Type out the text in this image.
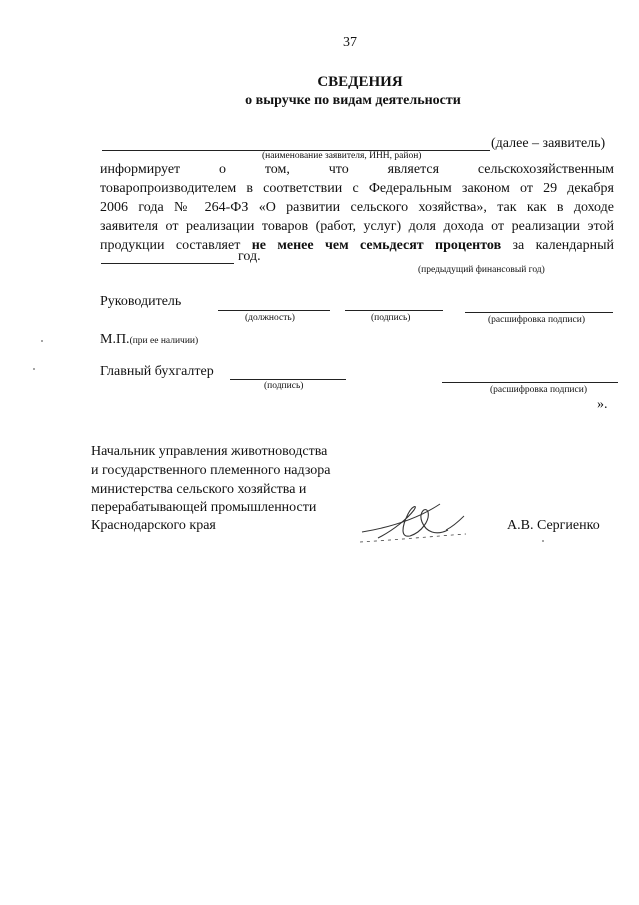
37
СВЕДЕНИЯ
о выручке по видам деятельности
(далее – заявитель)
(наименование заявителя, ИНН, район)
информирует	о	том,	что	является	сельскохозяйственным
товаропроизводителем в соответствии с Федеральным законом от 29 декабря
2006 года № 264-ФЗ «О развитии сельского хозяйства», так как в доходе
заявителя от реализации товаров (работ, услуг) доля дохода от реализации этой
продукции составляет не менее чем семьдесят процентов за календарный
год.
(предыдущий финансовый год)
Руководитель
(должность)	(подпись)	(расшифровка подписи)
М.П.(при ее наличии)
Главный бухгалтер
(подпись)	(расшифровка подписи)
».
Начальник управления животноводства
и государственного племенного надзора
министерства сельского хозяйства и
перерабатывающей промышленности
Краснодарского края	А.В. Сергиенко
